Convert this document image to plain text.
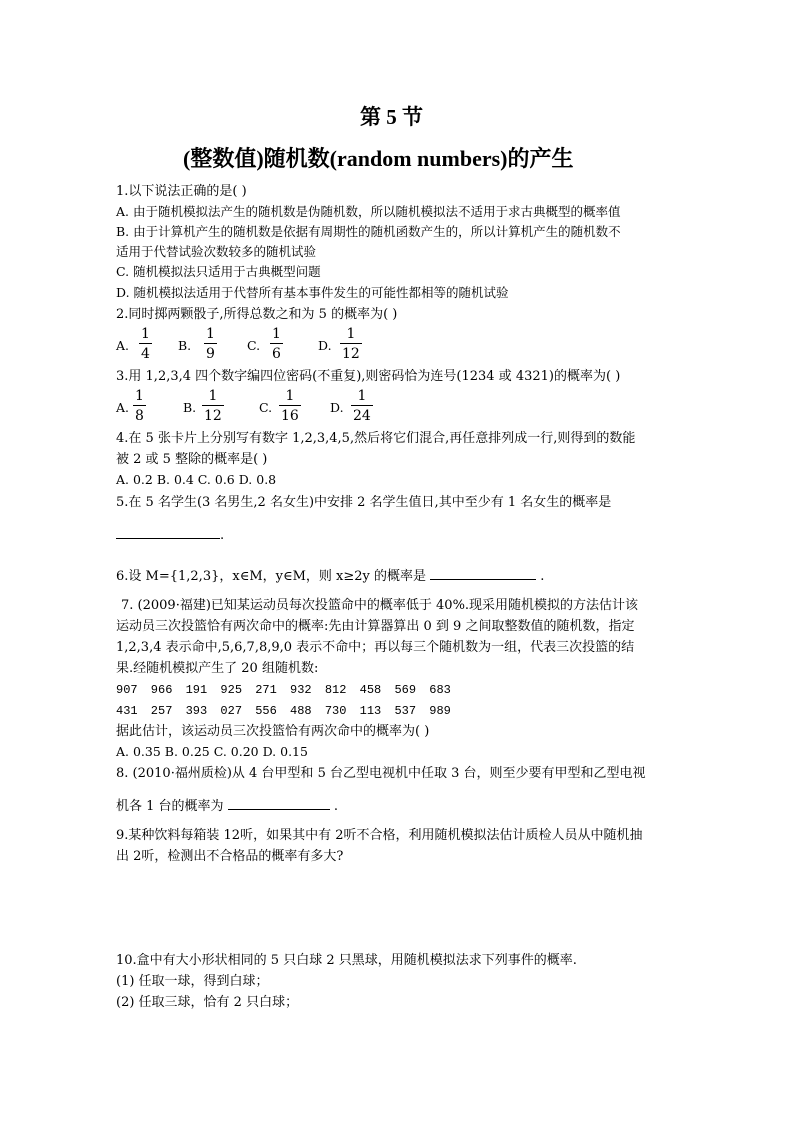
第 5 节
(整数值)随机数(random numbers)的产生
1.以下说法正确的是( )
A. 由于随机模拟法产生的随机数是伪随机数，所以随机模拟法不适用于求古典概型的概率值
B. 由于计算机产生的随机数是依据有周期性的随机函数产生的，所以计算机产生的随机数不
适用于代替试验次数较多的随机试验
C. 随机模拟法只适用于古典概型问题
D. 随机模拟法适用于代替所有基本事件发生的可能性都相等的随机试验
2.同时掷两颗骰子,所得总数之和为 5 的概率为( )
A.
1
4
B.
1
9
C.
1
6
D.
1
12
3.用 1,2,3,4 四个数字编四位密码(不重复),则密码恰为连号(1234 或 4321)的概率为( )
A.
1
8
B.
1
12
C.
1
16
D.
1
24
4.在 5 张卡片上分别写有数字 1,2,3,4,5,然后将它们混合,再任意排列成一行,则得到的数能
被 2 或 5 整除的概率是( )
A. 0.2 B. 0.4 C. 0.6 D. 0.8
5.在 5 名学生(3 名男生,2 名女生)中安排 2 名学生值日,其中至少有 1 名女生的概率是
.
6.设 M={1,2,3}，x∈M，y∈M，则 x≥2y 的概率是	.
7. (2009·福建)已知某运动员每次投篮命中的概率低于 40%.现采用随机模拟的方法估计该
运动员三次投篮恰有两次命中的概率:先由计算器算出 0 到 9 之间取整数值的随机数，指定
1,2,3,4 表示命中,5,6,7,8,9,0 表示不命中；再以每三个随机数为一组，代表三次投篮的结
果.经随机模拟产生了 20 组随机数:
907 966 191 925 271 932 812 458 569 683
431 257 393 027 556 488 730 113 537 989
据此估计，该运动员三次投篮恰有两次命中的概率为( )
A. 0.35 B. 0.25 C. 0.20 D. 0.15
8. (2010·福州质检)从 4 台甲型和 5 台乙型电视机中任取 3 台，则至少要有甲型和乙型电视
机各 1 台的概率为	.
9.某种饮料每箱装 12听，如果其中有 2听不合格，利用随机模拟法估计质检人员从中随机抽
出 2听，检测出不合格品的概率有多大?
10.盒中有大小形状相同的 5 只白球 2 只黑球，用随机模拟法求下列事件的概率.
(1) 任取一球，得到白球；
(2) 任取三球，恰有 2 只白球；
